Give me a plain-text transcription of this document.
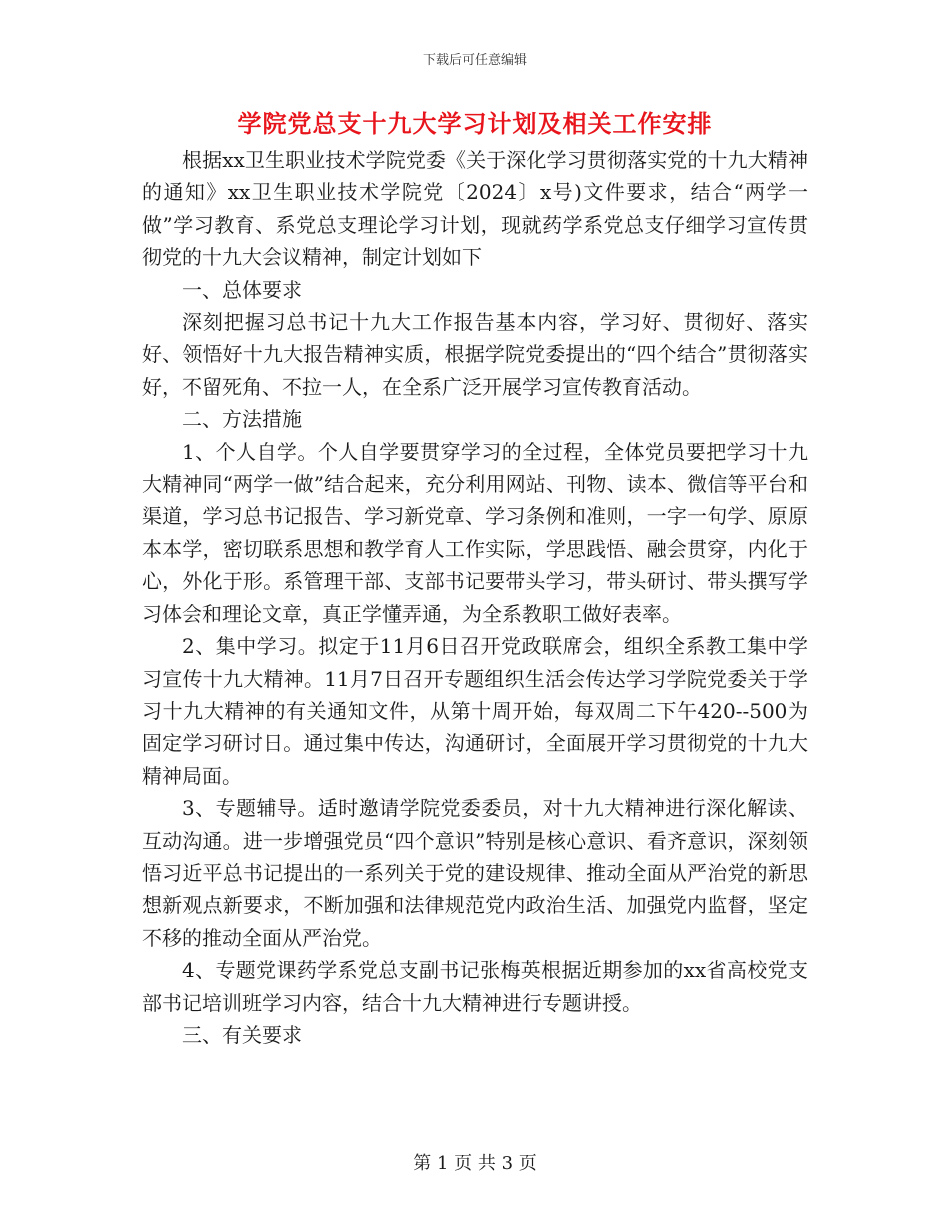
下载后可任意编辑
学院党总支十九大学习计划及相关工作安排

根据xx卫生职业技术学院党委《关于深化学习贯彻落实党的十九大精神的通知》xx卫生职业技术学院党〔2024〕x号)文件要求，结合“两学一做”学习教育、系党总支理论学习计划，现就药学系党总支仔细学习宣传贯彻党的十九大会议精神，制定计划如下

一、总体要求

深刻把握习总书记十九大工作报告基本内容，学习好、贯彻好、落实好、领悟好十九大报告精神实质，根据学院党委提出的“四个结合”贯彻落实好，不留死角、不拉一人，在全系广泛开展学习宣传教育活动。

二、方法措施

1、个人自学。个人自学要贯穿学习的全过程，全体党员要把学习十九大精神同“两学一做”结合起来，充分利用网站、刊物、读本、微信等平台和渠道，学习总书记报告、学习新党章、学习条例和准则，一字一句学、原原本本学，密切联系思想和教学育人工作实际，学思践悟、融会贯穿，内化于心，外化于形。系管理干部、支部书记要带头学习，带头研讨、带头撰写学习体会和理论文章，真正学懂弄通，为全系教职工做好表率。

2、集中学习。拟定于11月6日召开党政联席会，组织全系教工集中学习宣传十九大精神。11月7日召开专题组织生活会传达学习学院党委关于学习十九大精神的有关通知文件，从第十周开始，每双周二下午420--500为固定学习研讨日。通过集中传达，沟通研讨，全面展开学习贯彻党的十九大精神局面。

3、专题辅导。适时邀请学院党委委员，对十九大精神进行深化解读、互动沟通。进一步增强党员“四个意识”特别是核心意识、看齐意识，深刻领悟习近平总书记提出的一系列关于党的建设规律、推动全面从严治党的新思想新观点新要求，不断加强和法律规范党内政治生活、加强党内监督，坚定不移的推动全面从严治党。

4、专题党课药学系党总支副书记张梅英根据近期参加的xx省高校党支部书记培训班学习内容，结合十九大精神进行专题讲授。

三、有关要求

第 1 页 共 3 页
